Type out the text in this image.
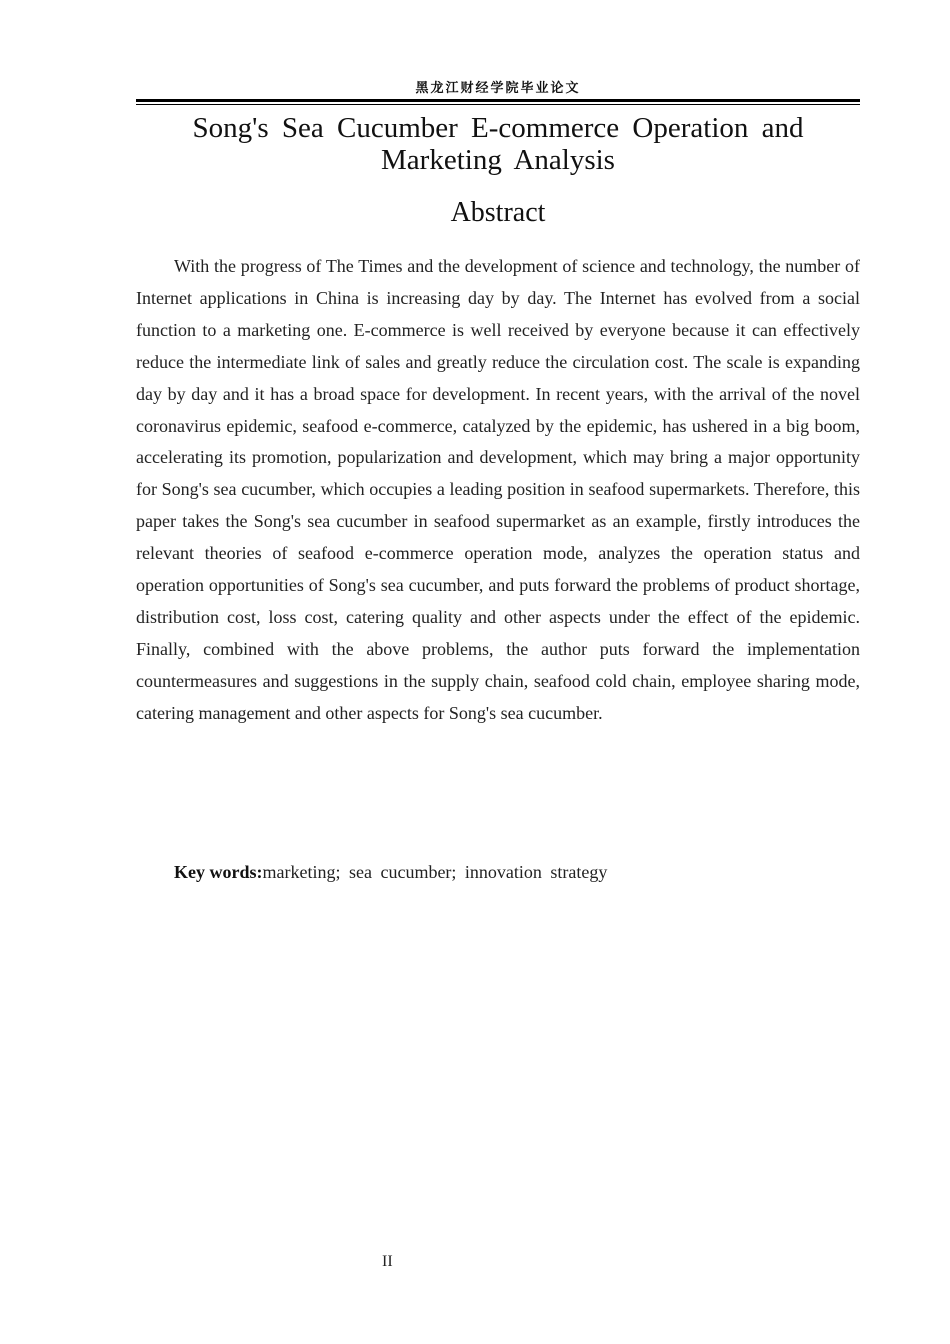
黑龙江财经学院毕业论文
Song's Sea Cucumber E-commerce Operation and Marketing Analysis
Abstract

With the progress of The Times and the development of science and technology, the number of Internet applications in China is increasing day by day. The Internet has evolved from a social function to a marketing one. E-commerce is well received by everyone because it can effectively reduce the intermediate link of sales and greatly reduce the circulation cost. The scale is expanding day by day and it has a broad space for development. In recent years, with the arrival of the novel coronavirus epidemic, seafood e-commerce, catalyzed by the epidemic, has ushered in a big boom, accelerating its promotion, popularization and development, which may bring a major opportunity for Song's sea cucumber, which occupies a leading position in seafood supermarkets. Therefore, this paper takes the Song's sea cucumber in seafood supermarket as an example, firstly introduces the relevant theories of seafood e-commerce operation mode, analyzes the operation status and operation opportunities of Song's sea cucumber, and puts forward the problems of product shortage, distribution cost, loss cost, catering quality and other aspects under the effect of the epidemic. Finally, combined with the above problems, the author puts forward the implementation countermeasures and suggestions in the supply chain, seafood cold chain, employee sharing mode, catering management and other aspects for Song's sea cucumber.

Key words:marketing; sea cucumber; innovation strategy

II
